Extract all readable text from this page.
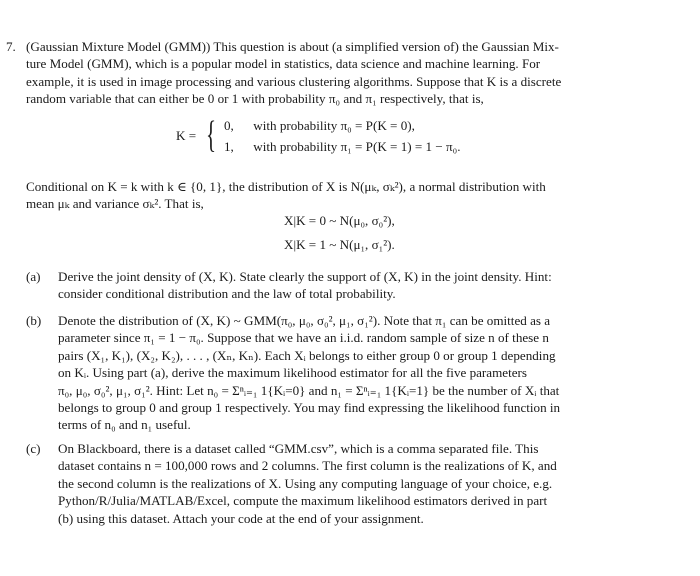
7. (Gaussian Mixture Model (GMM)) This question is about (a simplified version of) the Gaussian Mix-
ture Model (GMM), which is a popular model in statistics, data science and machine learning. For
example, it is used in image processing and various clustering algorithms. Suppose that K is a discrete
random variable that can either be 0 or 1 with probability π₀ and π₁ respectively, that is,
K = { 0, with probability π₀ = P(K = 0),
1, with probability π₁ = P(K = 1) = 1 − π₀.
Conditional on K = k with k ∈ {0, 1}, the distribution of X is N(μₖ, σₖ²), a normal distribution with
mean μₖ and variance σₖ². That is,
X|K = 0 ~ N(μ₀, σ₀²),
X|K = 1 ~ N(μ₁, σ₁²).
(a) Derive the joint density of (X, K). State clearly the support of (X, K) in the joint density. Hint:
consider conditional distribution and the law of total probability.
(b) Denote the distribution of (X, K) ~ GMM(π₀, μ₀, σ₀², μ₁, σ₁²). Note that π₁ can be omitted as a
parameter since π₁ = 1 − π₀. Suppose that we have an i.i.d. random sample of size n of these n
pairs (X₁, K₁), (X₂, K₂), . . . , (Xₙ, Kₙ). Each Xᵢ belongs to either group 0 or group 1 depending
on Kᵢ. Using part (a), derive the maximum likelihood estimator for all the five parameters
π₀, μ₀, σ₀², μ₁, σ₁². Hint: Let n₀ = Σⁿᵢ₌₁ 1{Kᵢ=0} and n₁ = Σⁿᵢ₌₁ 1{Kᵢ=1} be the number of Xᵢ that
belongs to group 0 and group 1 respectively. You may find expressing the likelihood function in
terms of n₀ and n₁ useful.
(c) On Blackboard, there is a dataset called “GMM.csv”, which is a comma separated file. This
dataset contains n = 100,000 rows and 2 columns. The first column is the realizations of K, and
the second column is the realizations of X. Using any computing language of your choice, e.g.
Python/R/Julia/MATLAB/Excel, compute the maximum likelihood estimators derived in part
(b) using this dataset. Attach your code at the end of your assignment.
